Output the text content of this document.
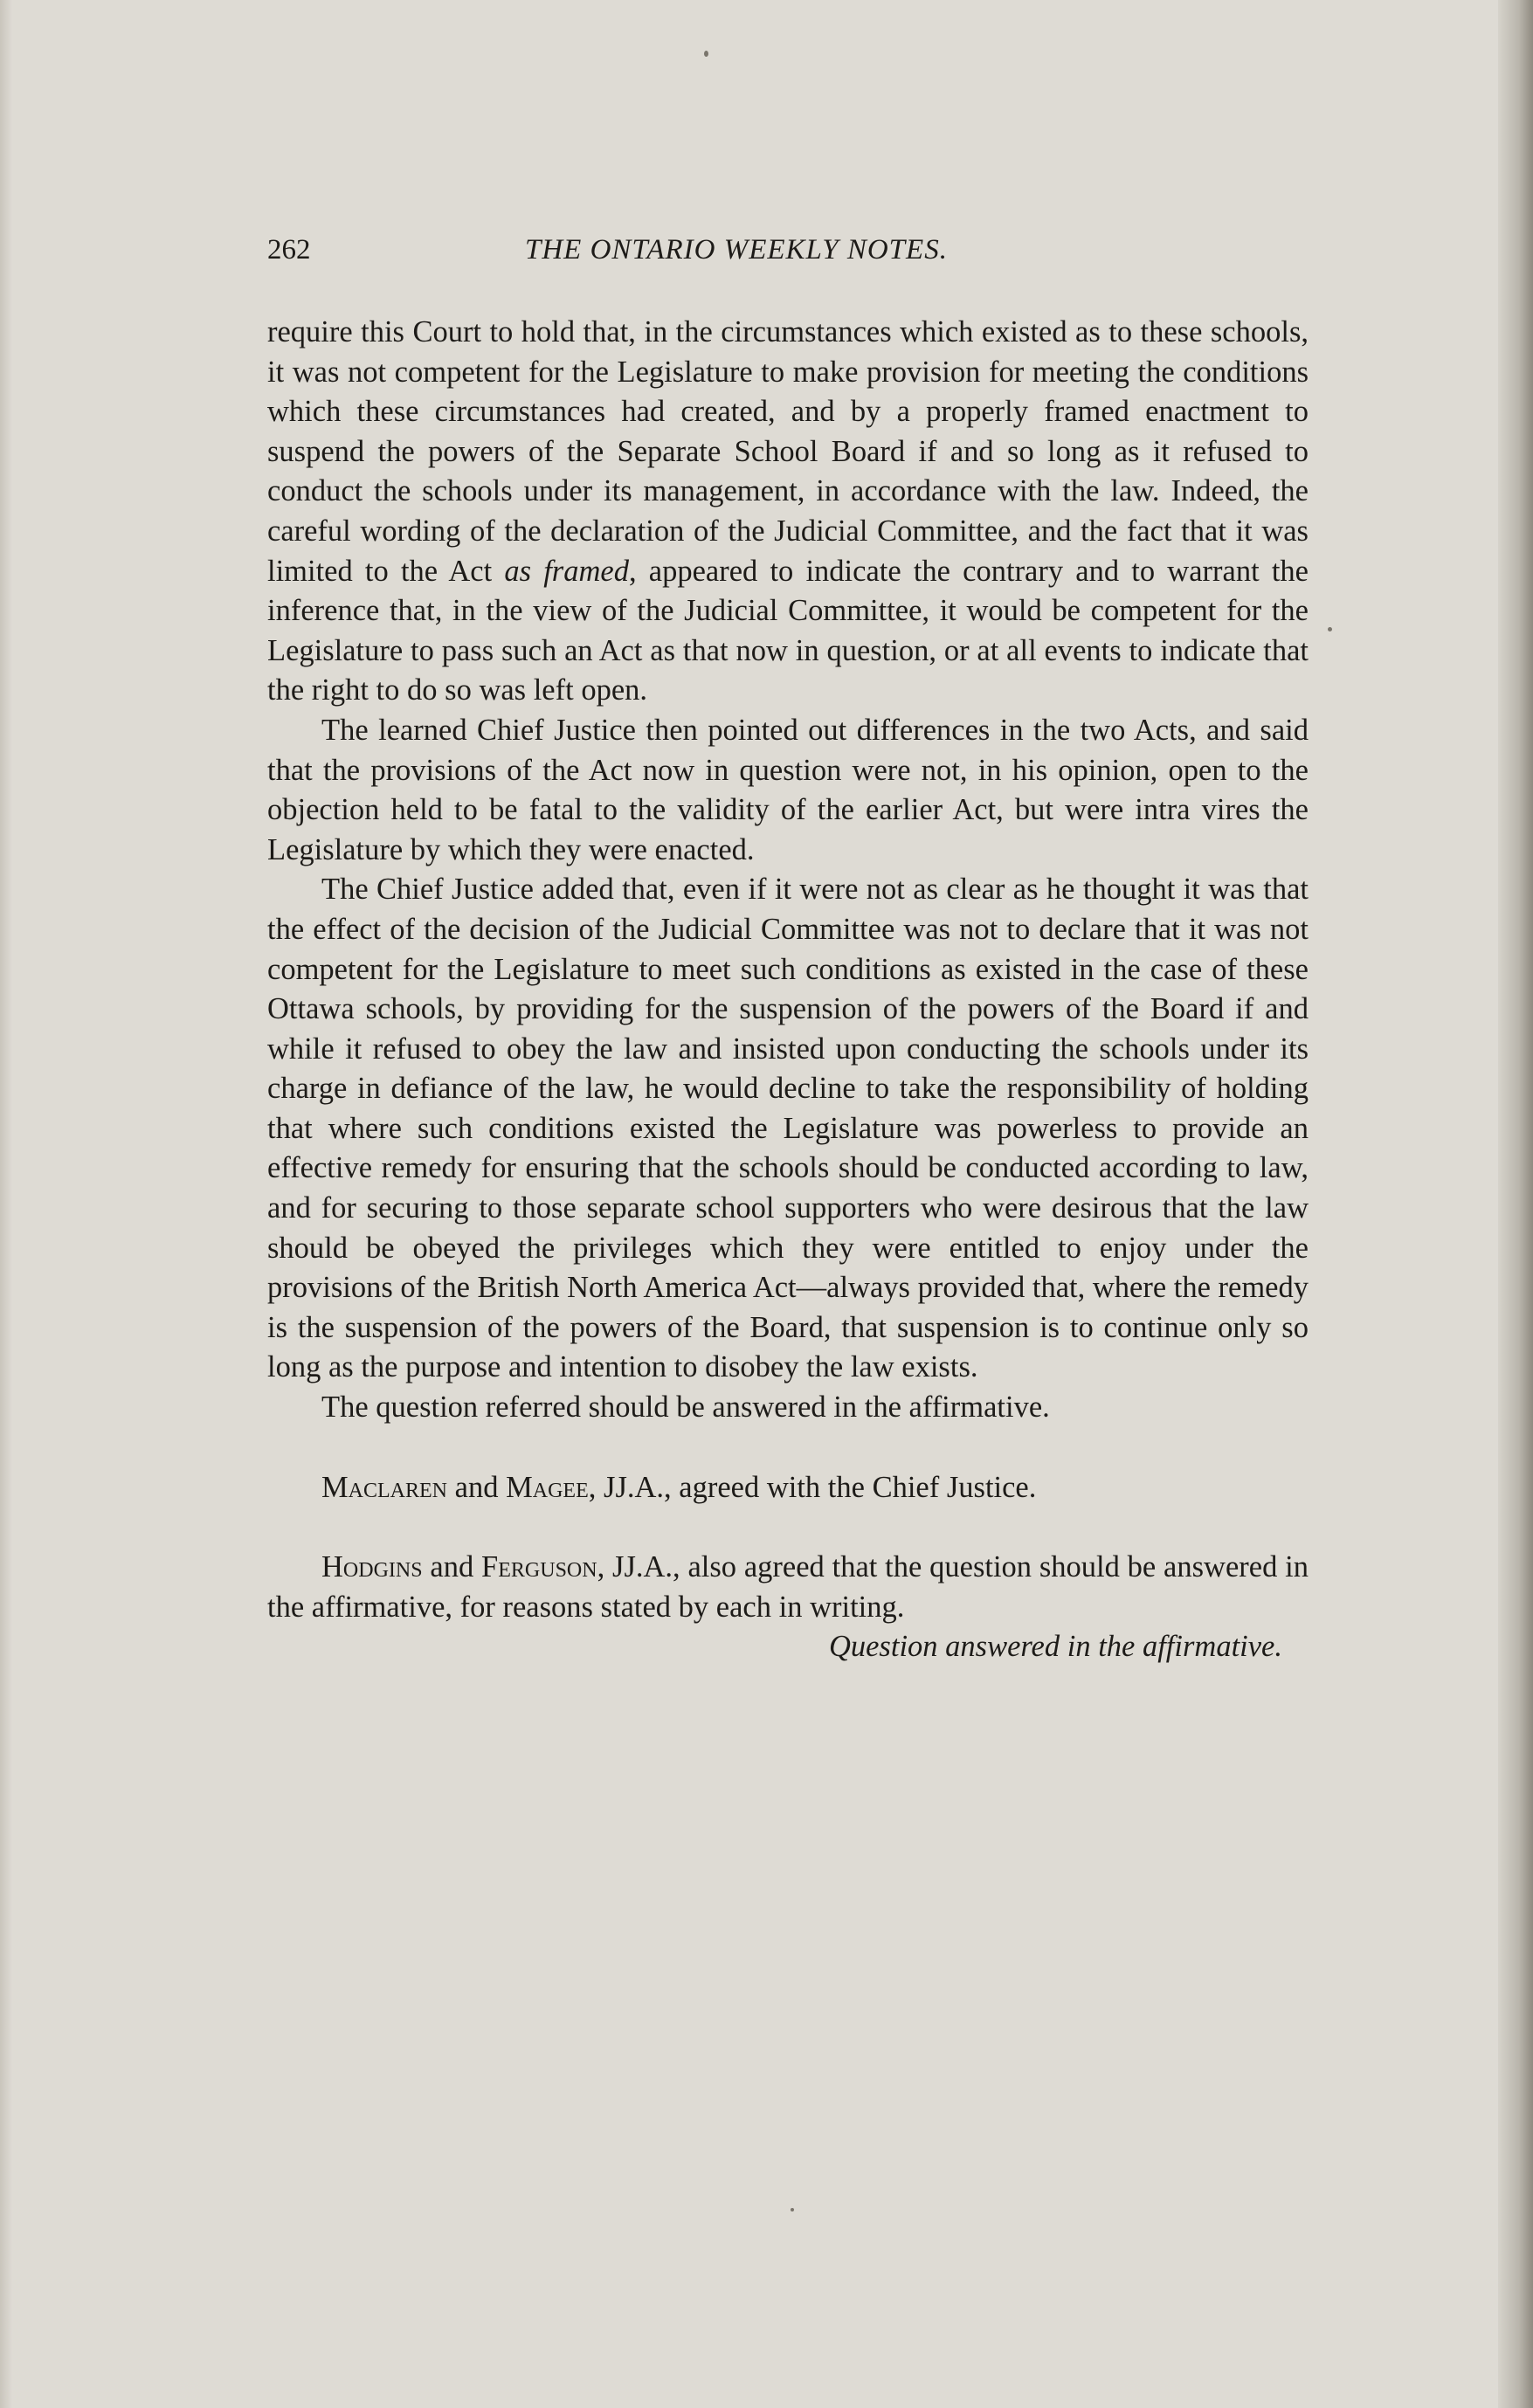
262	THE ONTARIO WEEKLY NOTES.

require this Court to hold that, in the circumstances which existed as to these schools, it was not competent for the Legislature to make provision for meeting the conditions which these circumstances had created, and by a properly framed enactment to suspend the powers of the Separate School Board if and so long as it refused to conduct the schools under its management, in accordance with the law. Indeed, the careful wording of the declaration of the Judicial Committee, and the fact that it was limited to the Act as framed, appeared to indicate the contrary and to warrant the inference that, in the view of the Judicial Committee, it would be competent for the Legislature to pass such an Act as that now in question, or at all events to indicate that the right to do so was left open.

The learned Chief Justice then pointed out differences in the two Acts, and said that the provisions of the Act now in question were not, in his opinion, open to the objection held to be fatal to the validity of the earlier Act, but were intra vires the Legislature by which they were enacted.

The Chief Justice added that, even if it were not as clear as he thought it was that the effect of the decision of the Judicial Committee was not to declare that it was not competent for the Legislature to meet such conditions as existed in the case of these Ottawa schools, by providing for the suspension of the powers of the Board if and while it refused to obey the law and insisted upon conducting the schools under its charge in defiance of the law, he would decline to take the responsibility of holding that where such conditions existed the Legislature was powerless to provide an effective remedy for ensuring that the schools should be conducted according to law, and for securing to those separate school supporters who were desirous that the law should be obeyed the privileges which they were entitled to enjoy under the provisions of the British North America Act—always provided that, where the remedy is the suspension of the powers of the Board, that suspension is to continue only so long as the purpose and intention to disobey the law exists.

The question referred should be answered in the affirmative.

Maclaren and Magee, JJ.A., agreed with the Chief Justice.

Hodgins and Ferguson, JJ.A., also agreed that the question should be answered in the affirmative, for reasons stated by each in writing.

Question answered in the affirmative.
